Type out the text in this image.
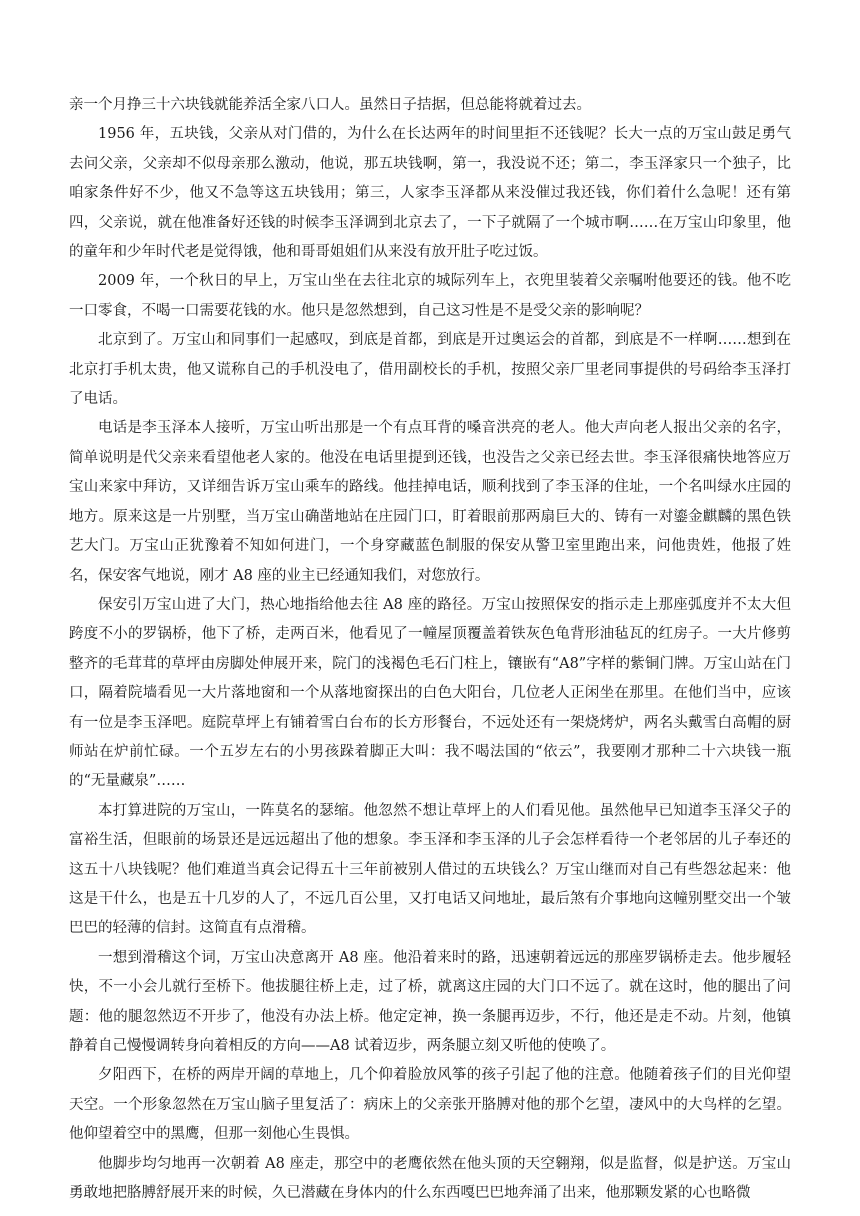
亲一个月挣三十六块钱就能养活全家八口人。虽然日子拮据，但总能将就着过去。

1956 年，五块钱，父亲从对门借的，为什么在长达两年的时间里拒不还钱呢？长大一点的万宝山鼓足勇气去问父亲，父亲却不似母亲那么激动，他说，那五块钱啊，第一，我没说不还；第二，李玉泽家只一个独子，比咱家条件好不少，他又不急等这五块钱用；第三，人家李玉泽都从来没催过我还钱，你们着什么急呢！还有第四，父亲说，就在他准备好还钱的时候李玉泽调到北京去了，一下子就隔了一个城市啊……在万宝山印象里，他的童年和少年时代老是觉得饿，他和哥哥姐姐们从来没有放开肚子吃过饭。

2009 年，一个秋日的早上，万宝山坐在去往北京的城际列车上，衣兜里装着父亲嘱咐他要还的钱。他不吃一口零食，不喝一口需要花钱的水。他只是忽然想到，自己这习性是不是受父亲的影响呢？

北京到了。万宝山和同事们一起感叹，到底是首都，到底是开过奥运会的首都，到底是不一样啊……想到在北京打手机太贵，他又谎称自己的手机没电了，借用副校长的手机，按照父亲厂里老同事提供的号码给李玉泽打了电话。

电话是李玉泽本人接听，万宝山听出那是一个有点耳背的嗓音洪亮的老人。他大声向老人报出父亲的名字，简单说明是代父亲来看望他老人家的。他没在电话里提到还钱，也没告之父亲已经去世。李玉泽很痛快地答应万宝山来家中拜访，又详细告诉万宝山乘车的路线。他挂掉电话，顺利找到了李玉泽的住址，一个名叫绿水庄园的地方。原来这是一片别墅，当万宝山确凿地站在庄园门口，盯着眼前那两扇巨大的、铸有一对鎏金麒麟的黑色铁艺大门。万宝山正犹豫着不知如何进门，一个身穿藏蓝色制服的保安从警卫室里跑出来，问他贵姓，他报了姓名，保安客气地说，刚才 A8 座的业主已经通知我们，对您放行。

保安引万宝山进了大门，热心地指给他去往 A8 座的路径。万宝山按照保安的指示走上那座弧度并不太大但跨度不小的罗锅桥，他下了桥，走两百米，他看见了一幢屋顶覆盖着铁灰色龟背形油毡瓦的红房子。一大片修剪整齐的毛茸茸的草坪由房脚处伸展开来，院门的浅褐色毛石门柱上，镶嵌有“A8”字样的紫铜门牌。万宝山站在门口，隔着院墙看见一大片落地窗和一个从落地窗探出的白色大阳台，几位老人正闲坐在那里。在他们当中，应该有一位是李玉泽吧。庭院草坪上有铺着雪白台布的长方形餐台，不远处还有一架烧烤炉，两名头戴雪白高帽的厨师站在炉前忙碌。一个五岁左右的小男孩跺着脚正大叫：我不喝法国的“依云”，我要刚才那种二十六块钱一瓶的“无量藏泉”……

本打算进院的万宝山，一阵莫名的瑟缩。他忽然不想让草坪上的人们看见他。虽然他早已知道李玉泽父子的富裕生活，但眼前的场景还是远远超出了他的想象。李玉泽和李玉泽的儿子会怎样看待一个老邻居的儿子奉还的这五十八块钱呢？他们难道当真会记得五十三年前被别人借过的五块钱么？万宝山继而对自己有些怨忿起来：他这是干什么，也是五十几岁的人了，不远几百公里，又打电话又问地址，最后煞有介事地向这幢别墅交出一个皱巴巴的轻薄的信封。这简直有点滑稽。

一想到滑稽这个词，万宝山决意离开 A8 座。他沿着来时的路，迅速朝着远远的那座罗锅桥走去。他步履轻快，不一小会儿就行至桥下。他拔腿往桥上走，过了桥，就离这庄园的大门口不远了。就在这时，他的腿出了问题：他的腿忽然迈不开步了，他没有办法上桥。他定定神，换一条腿再迈步，不行，他还是走不动。片刻，他镇静着自己慢慢调转身向着相反的方向——A8 试着迈步，两条腿立刻又听他的使唤了。

夕阳西下，在桥的两岸开阔的草地上，几个仰着脸放风筝的孩子引起了他的注意。他随着孩子们的目光仰望天空。一个形象忽然在万宝山脑子里复活了：病床上的父亲张开胳膊对他的那个乞望，凄风中的大鸟样的乞望。他仰望着空中的黑鹰，但那一刻他心生畏惧。

他脚步均匀地再一次朝着 A8 座走，那空中的老鹰依然在他头顶的天空翱翔，似是监督，似是护送。万宝山勇敢地把胳膊舒展开来的时候，久已潜藏在身体内的什么东西嘎巴巴地奔涌了出来，他那颗发紧的心也略微
